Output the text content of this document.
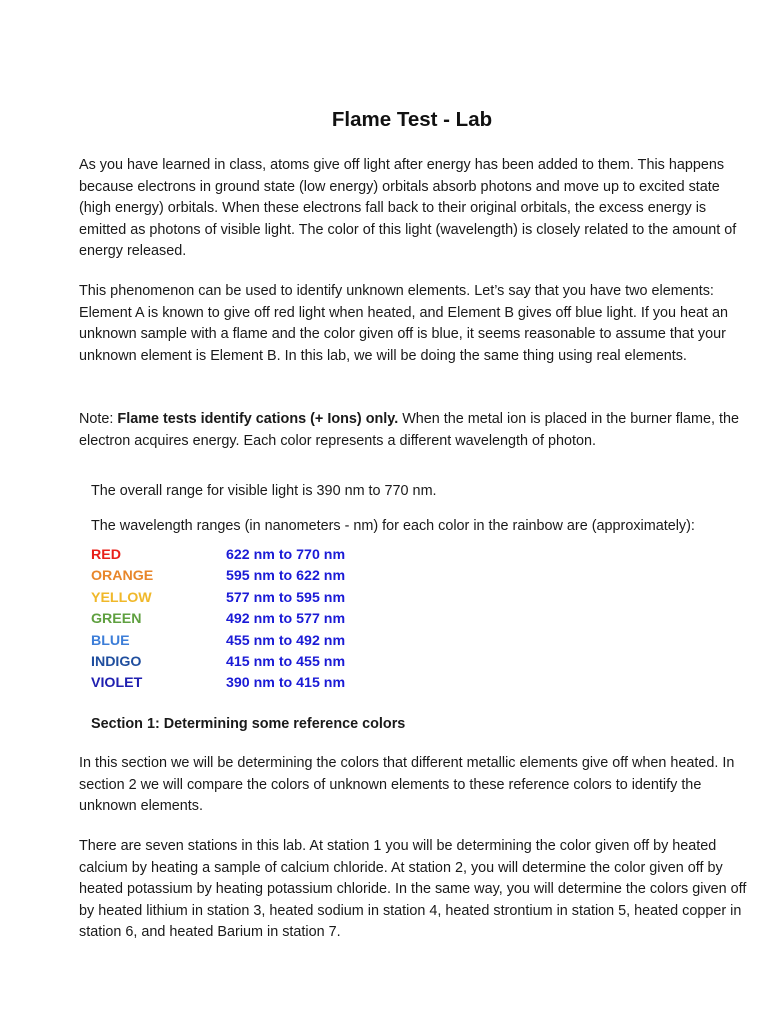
Flame Test - Lab
As you have learned in class, atoms give off light after energy has been added to them. This happens because electrons in ground state (low energy) orbitals absorb photons and move up to excited state (high energy) orbitals. When these electrons fall back to their original orbitals, the excess energy is emitted as photons of visible light. The color of this light (wavelength) is closely related to the amount of energy released.
This phenomenon can be used to identify unknown elements. Let’s say that you have two elements: Element A is known to give off red light when heated, and Element B gives off blue light. If you heat an unknown sample with a flame and the color given off is blue, it seems reasonable to assume that your unknown element is Element B. In this lab, we will be doing the same thing using real elements.
Note: Flame tests identify cations (+ Ions) only. When the metal ion is placed in the burner flame, the electron acquires energy. Each color represents a different wavelength of photon.
The overall range for visible light is 390 nm to 770 nm.
The wavelength ranges (in nanometers - nm) for each color in the rainbow are (approximately):
RED	622 nm to 770 nm
ORANGE	595 nm to 622 nm
YELLOW	577 nm to 595 nm
GREEN	492 nm to 577 nm
BLUE	455 nm to 492 nm
INDIGO	415 nm to 455 nm
VIOLET	390 nm to 415 nm
Section 1: Determining some reference colors
In this section we will be determining the colors that different metallic elements give off when heated. In section 2 we will compare the colors of unknown elements to these reference colors to identify the unknown elements.
There are seven stations in this lab. At station 1 you will be determining the color given off by heated calcium by heating a sample of calcium chloride. At station 2, you will determine the color given off by heated potassium by heating potassium chloride. In the same way, you will determine the colors given off by heated lithium in station 3, heated sodium in station 4, heated strontium in station 5, heated copper in station 6, and heated Barium in station 7.
